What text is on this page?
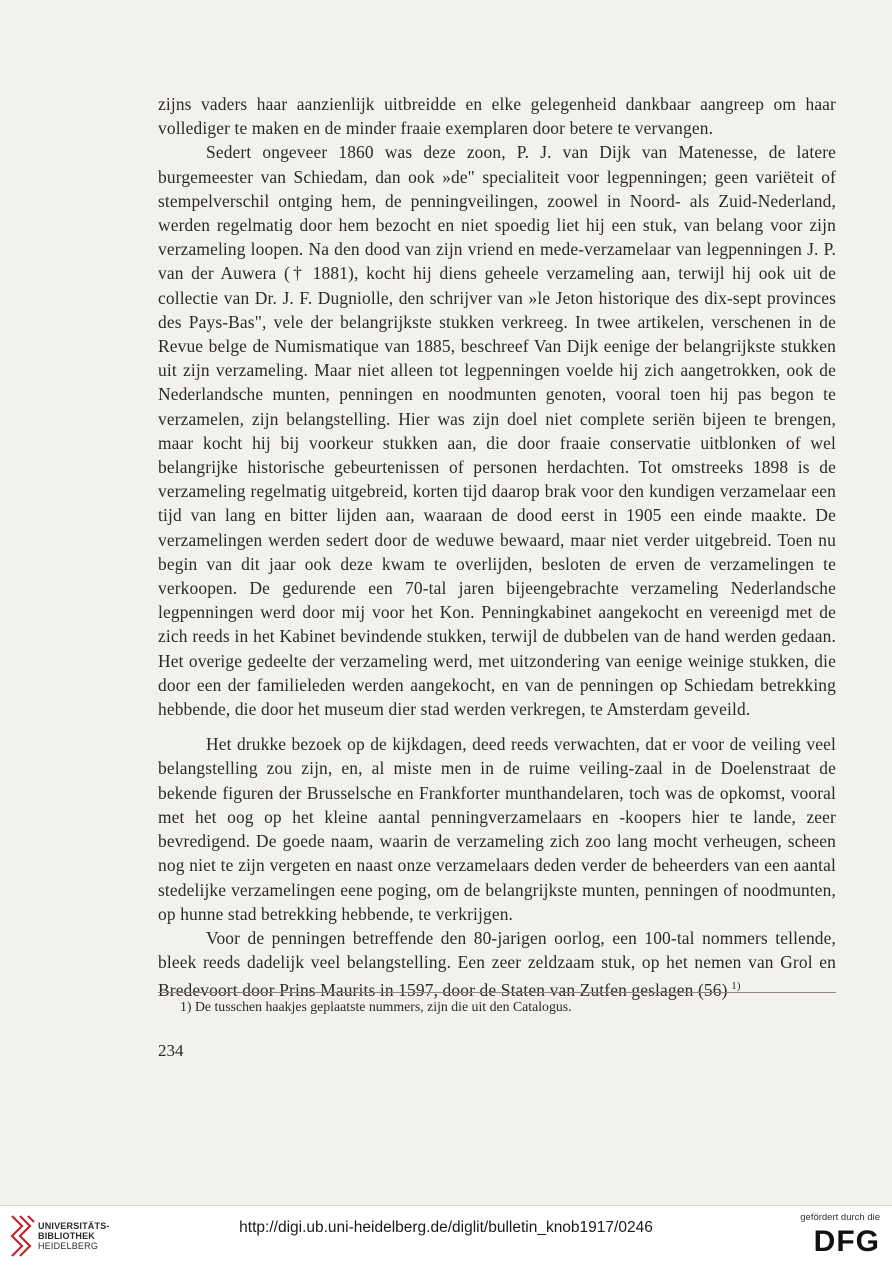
zijns vaders haar aanzienlijk uitbreidde en elke gelegenheid dankbaar aangreep om haar vollediger te maken en de minder fraaie exemplaren door betere te vervangen.

Sedert ongeveer 1860 was deze zoon, P. J. van Dijk van Matenesse, de latere burgemeester van Schiedam, dan ook »de" specialiteit voor legpenningen; geen variëteit of stempelverschil ontging hem, de penningveilingen, zoowel in Noord- als Zuid-Nederland, werden regelmatig door hem bezocht en niet spoedig liet hij een stuk, van belang voor zijn verzameling loopen. Na den dood van zijn vriend en mede-verzamelaar van legpenningen J. P. van der Auwera († 1881), kocht hij diens geheele verzameling aan, terwijl hij ook uit de collectie van Dr. J. F. Dugniolle, den schrijver van »le Jeton historique des dix-sept provinces des Pays-Bas", vele der belangrijkste stukken verkreeg. In twee artikelen, verschenen in de Revue belge de Numismatique van 1885, beschreef Van Dijk eenige der belangrijkste stukken uit zijn verzameling. Maar niet alleen tot legpenningen voelde hij zich aangetrokken, ook de Nederlandsche munten, penningen en noodmunten genoten, vooral toen hij pas begon te verzamelen, zijn belangstelling. Hier was zijn doel niet complete seriën bijeen te brengen, maar kocht hij bij voorkeur stukken aan, die door fraaie conservatie uitblonken of wel belangrijke historische gebeurtenissen of personen herdachten. Tot omstreeks 1898 is de verzameling regelmatig uitgebreid, korten tijd daarop brak voor den kundigen verzamelaar een tijd van lang en bitter lijden aan, waaraan de dood eerst in 1905 een einde maakte. De verzamelingen werden sedert door de weduwe bewaard, maar niet verder uitgebreid. Toen nu begin van dit jaar ook deze kwam te overlijden, besloten de erven de verzamelingen te verkoopen. De gedurende een 70-tal jaren bijeengebrachte verzameling Nederlandsche legpenningen werd door mij voor het Kon. Penningkabinet aangekocht en vereenigd met de zich reeds in het Kabinet bevindende stukken, terwijl de dubbelen van de hand werden gedaan. Het overige gedeelte der verzameling werd, met uitzondering van eenige weinige stukken, die door een der familieleden werden aangekocht, en van de penningen op Schiedam betrekking hebbende, die door het museum dier stad werden verkregen, te Amsterdam geveild.

Het drukke bezoek op de kijkdagen, deed reeds verwachten, dat er voor de veiling veel belangstelling zou zijn, en, al miste men in de ruime veiling-zaal in de Doelenstraat de bekende figuren der Brusselsche en Frankforter munthandelaren, toch was de opkomst, vooral met het oog op het kleine aantal penningverzamelaars en -koopers hier te lande, zeer bevredigend. De goede naam, waarin de verzameling zich zoo lang mocht verheugen, scheen nog niet te zijn vergeten en naast onze verzamelaars deden verder de beheerders van een aantal stedelijke verzamelingen eene poging, om de belangrijkste munten, penningen of noodmunten, op hunne stad betrekking hebbende, te verkrijgen.

Voor de penningen betreffende den 80-jarigen oorlog, een 100-tal nommers tellende, bleek reeds dadelijk veel belangstelling. Een zeer zeldzaam stuk, op het nemen van Grol en Bredevoort door Prins Maurits in 1597, door de Staten van Zutfen geslagen (56)  $^{1)}$

1) De tusschen haakjes geplaatste nummers, zijn die uit den Catalogus.
234
UNIVERSITÄTS-
BIBLIOTHEK
HEIDELBERG
http://digi.ub.uni-heidelberg.de/diglit/bulletin_knob1917/0246
gefördert durch die
DFG
